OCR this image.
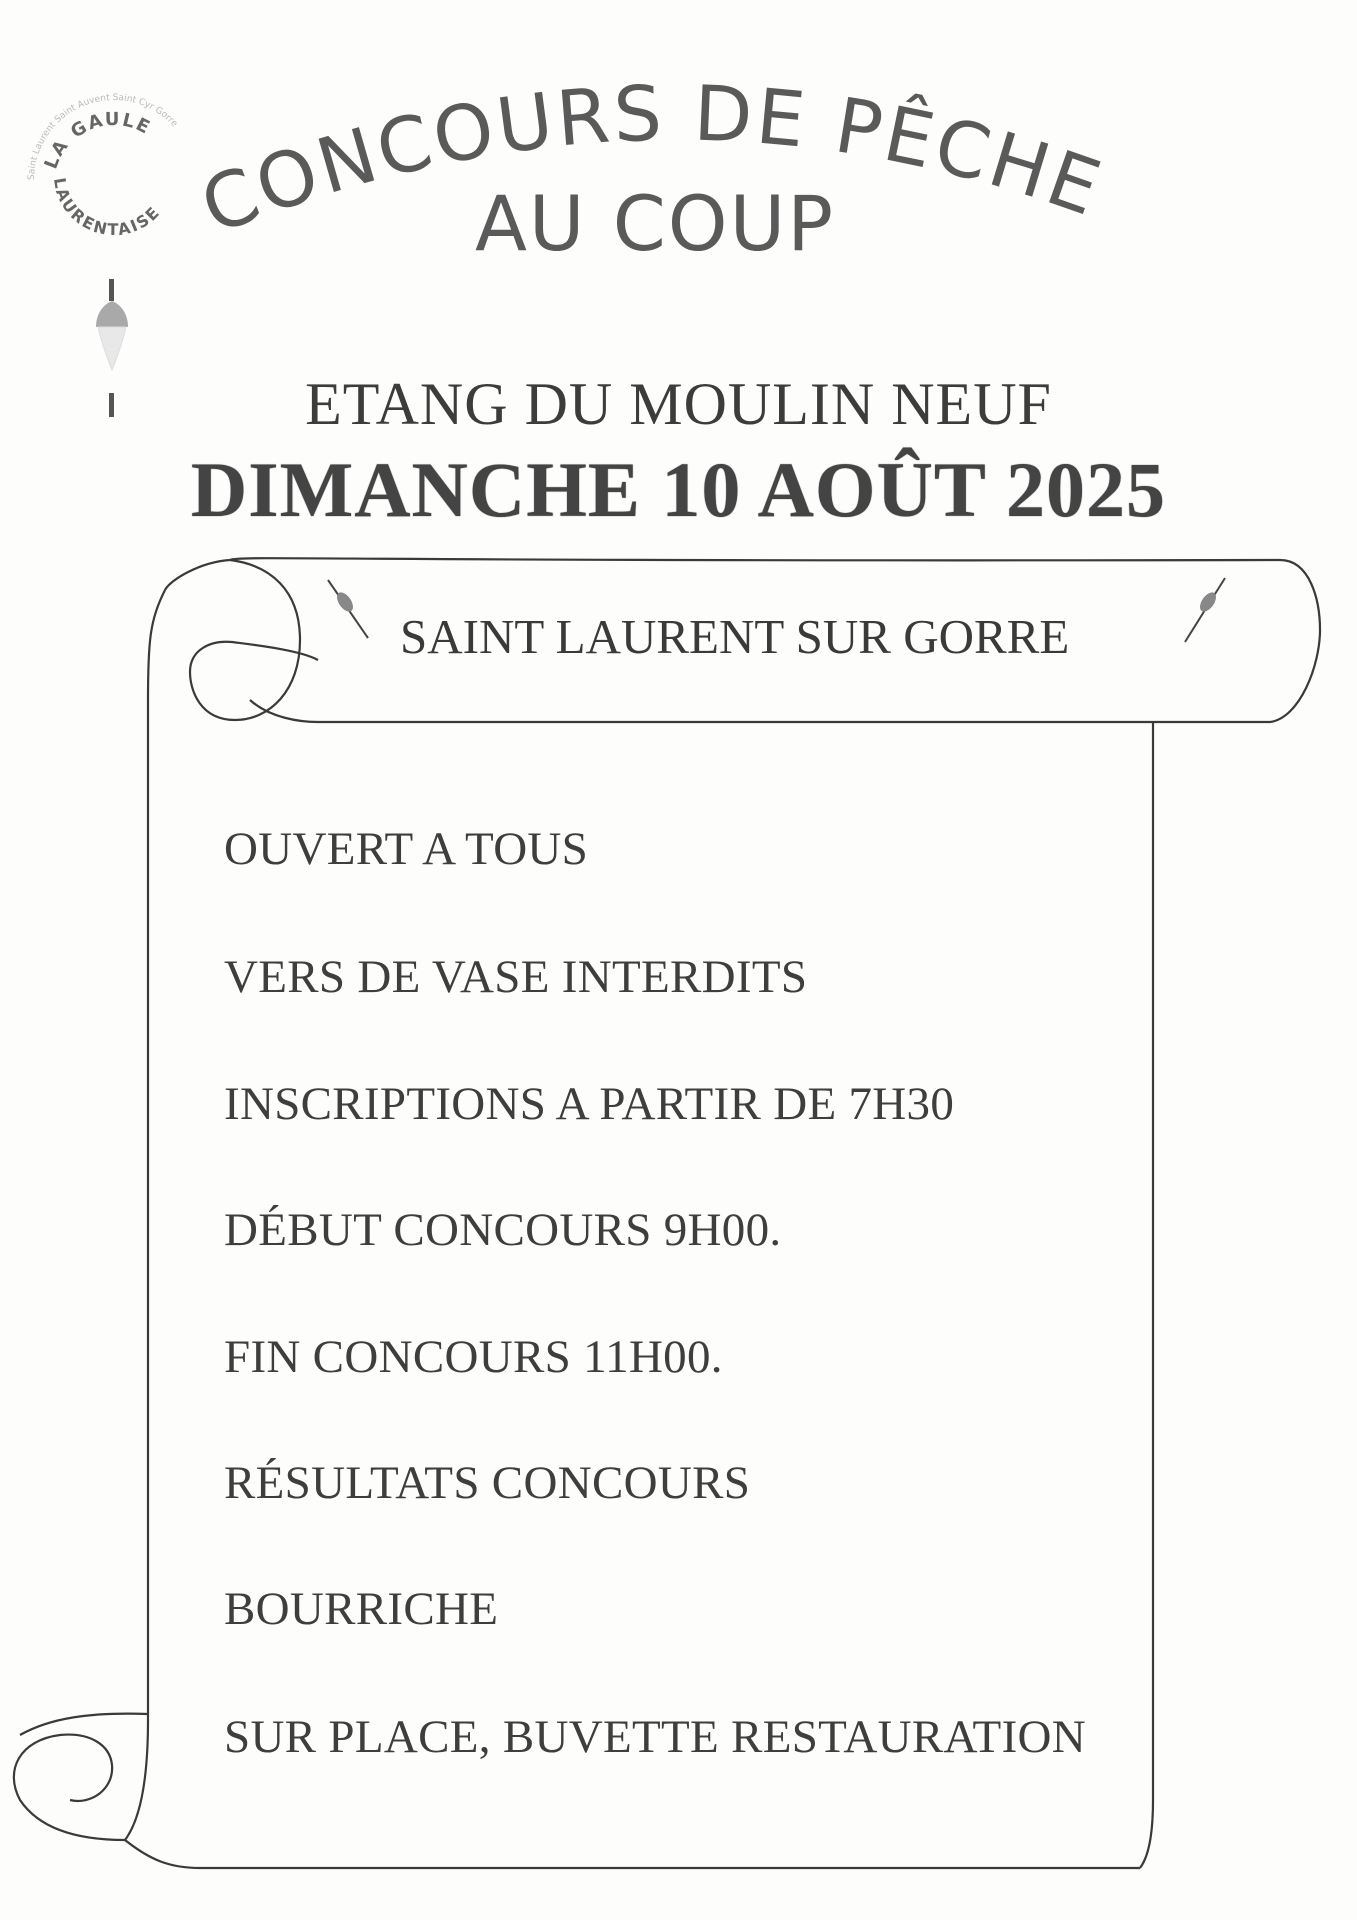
Saint Laurent Saint Auvent Saint Cyr Gorre
LA GAULE
LAURENTAISE CONCOURS DE PÊCHE
AU COUP
ETANG DU MOULIN NEUF
DIMANCHE 10 AOÛT 2025
SAINT LAURENT SUR GORRE
OUVERT A TOUS
VERS DE VASE INTERDITS
INSCRIPTIONS A PARTIR DE 7H30
DÉBUT CONCOURS 9H00.
FIN CONCOURS 11H00.
RÉSULTATS CONCOURS
BOURRICHE
SUR PLACE, BUVETTE RESTAURATION
